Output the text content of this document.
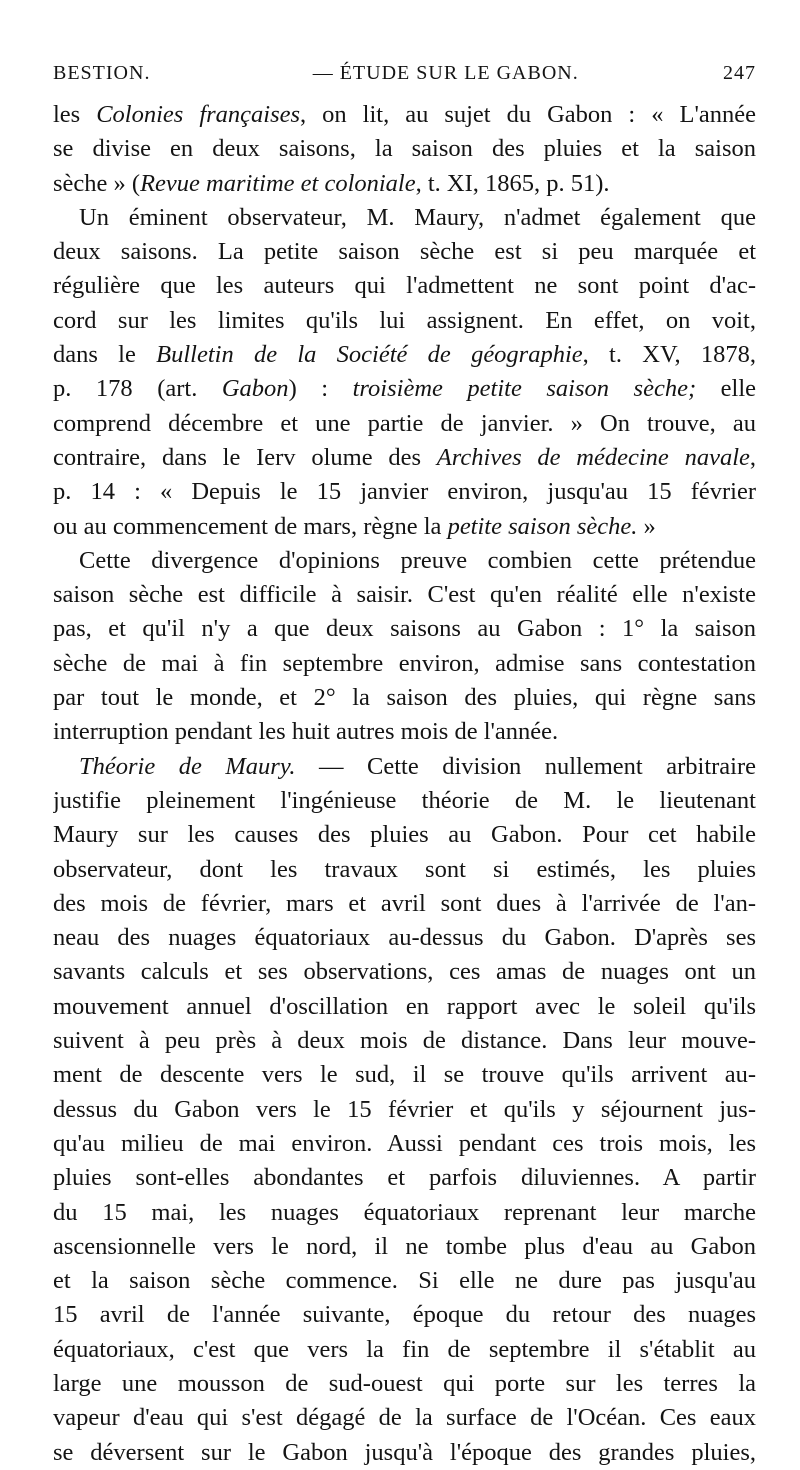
BESTION.	— ÉTUDE SUR LE GABON.	247
les Colonies françaises, on lit, au sujet du Gabon : « L'année
se divise en deux saisons, la saison des pluies et la saison
sèche » (Revue maritime et coloniale, t. XI, 1865, p. 51).
Un éminent observateur, M. Maury, n'admet également que
deux saisons. La petite saison sèche est si peu marquée et
régulière que les auteurs qui l'admettent ne sont point d'ac-
cord sur les limites qu'ils lui assignent. En effet, on voit,
dans le Bulletin de la Société de géographie, t. XV, 1878,
p. 178 (art. Gabon) : troisième petite saison sèche; elle
comprend décembre et une partie de janvier. » On trouve, au
contraire, dans le Ierv olume des Archives de médecine navale,
p. 14 : « Depuis le 15 janvier environ, jusqu'au 15 février
ou au commencement de mars, règne la petite saison sèche. »
Cette divergence d'opinions preuve combien cette prétendue
saison sèche est difficile à saisir. C'est qu'en réalité elle n'existe
pas, et qu'il n'y a que deux saisons au Gabon : 1° la saison
sèche de mai à fin septembre environ, admise sans contestation
par tout le monde, et 2° la saison des pluies, qui règne sans
interruption pendant les huit autres mois de l'année.
Théorie de Maury. — Cette division nullement arbitraire
justifie pleinement l'ingénieuse théorie de M. le lieutenant
Maury sur les causes des pluies au Gabon. Pour cet habile
observateur, dont les travaux sont si estimés, les pluies
des mois de février, mars et avril sont dues à l'arrivée de l'an-
neau des nuages équatoriaux au-dessus du Gabon. D'après ses
savants calculs et ses observations, ces amas de nuages ont un
mouvement annuel d'oscillation en rapport avec le soleil qu'ils
suivent à peu près à deux mois de distance. Dans leur mouve-
ment de descente vers le sud, il se trouve qu'ils arrivent au-
dessus du Gabon vers le 15 février et qu'ils y séjournent jus-
qu'au milieu de mai environ. Aussi pendant ces trois mois, les
pluies sont-elles abondantes et parfois diluviennes. A partir
du 15 mai, les nuages équatoriaux reprenant leur marche
ascensionnelle vers le nord, il ne tombe plus d'eau au Gabon
et la saison sèche commence. Si elle ne dure pas jusqu'au
15 avril de l'année suivante, époque du retour des nuages
équatoriaux, c'est que vers la fin de septembre il s'établit au
large une mousson de sud-ouest qui porte sur les terres la
vapeur d'eau qui s'est dégagé de la surface de l'Océan. Ces eaux
se déversent sur le Gabon jusqu'à l'époque des grandes pluies,
